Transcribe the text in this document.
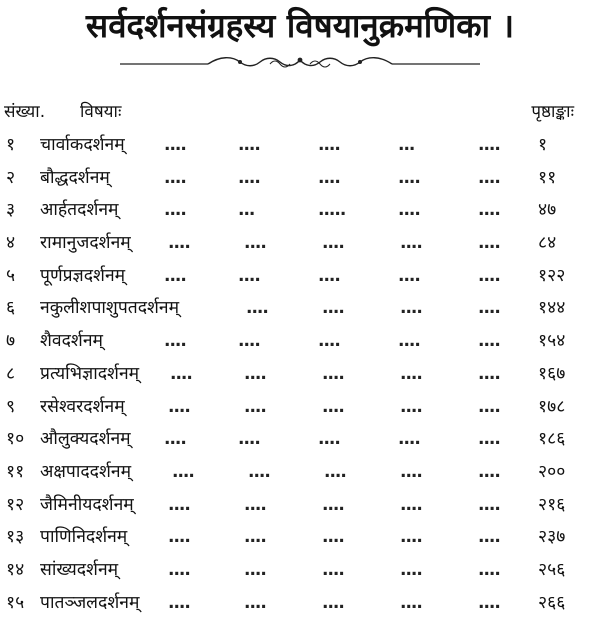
सर्वदर्शनसंग्रहस्य विषयानुक्रमणिका ।
संख्या. विषयाः	पृष्ठाङ्काः
१	चार्वाकदर्शनम् ....	....	....	...	.... १
२	बौद्धदर्शनम्	....	....	....	....	.... ११
३	आर्हतदर्शनम्	....	...	.....	....	.... ४७
४	रामानुजदर्शनम् ....	....	....	....	.... ८४
५	पूर्णप्रज्ञदर्शनम् ....	....	....	....	.... १२२
६	नकुलीशपाशुपतदर्शनम्	....	....	....	.... १४४
७	शैवदर्शनम्	....	....	....	....	.... १५४
८	प्रत्यभिज्ञादर्शनम् ....	....	....	....	.... १६७
९	रसेश्वरदर्शनम्	....	....	....	....	.... १७८
१० औलुक्यदर्शनम् ....	....	....	....	.... १८६
११ अक्षपाददर्शनम् ....	....	....	....	.... २००
१२ जैमिनीयदर्शनम् ....	....	....	....	.... २१६
१३ पाणिनिदर्शनम् ....	....	....	....	.... २३७
१४ सांख्यदर्शनम्	....	....	....	....	.... २५६
१५ पातञ्जलदर्शनम् ....	....	....	....	.... २६६
